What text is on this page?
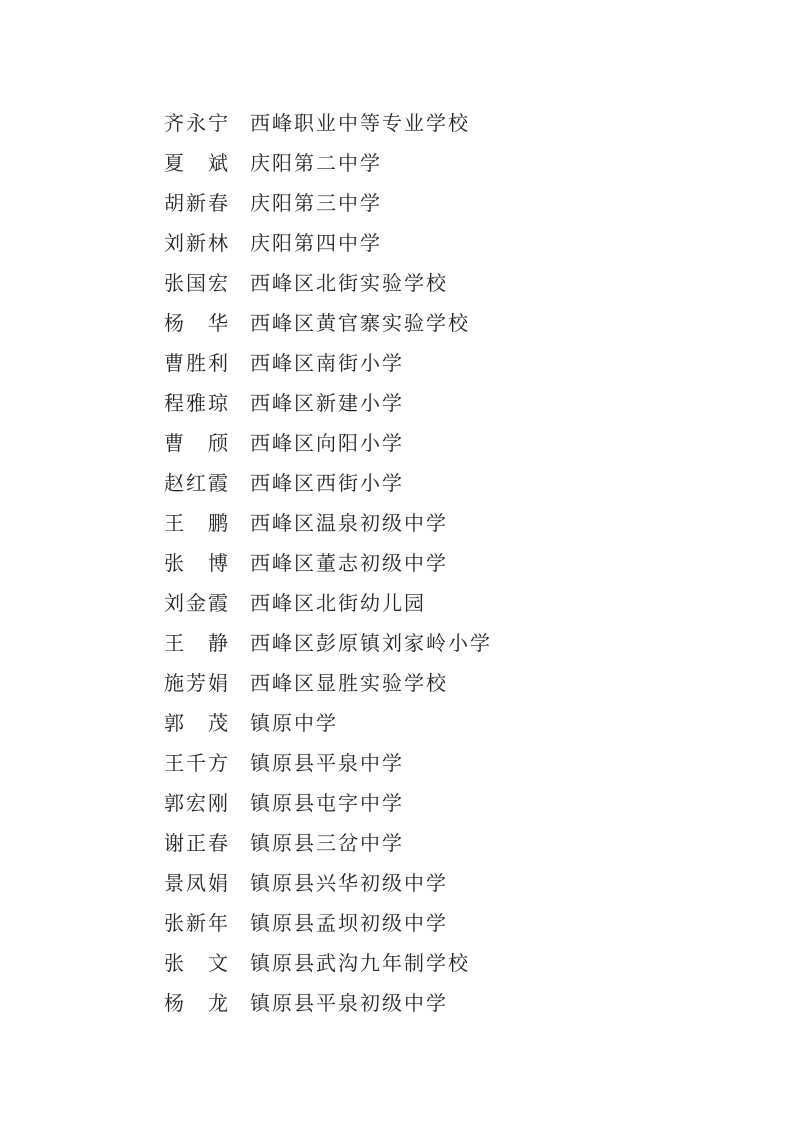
齐永宁 西峰职业中等专业学校
夏　斌 庆阳第二中学
胡新春 庆阳第三中学
刘新林 庆阳第四中学
张国宏 西峰区北街实验学校
杨　华 西峰区黄官寨实验学校
曹胜利 西峰区南街小学
程雅琼 西峰区新建小学
曹　颀 西峰区向阳小学
赵红霞 西峰区西街小学
王　鹏 西峰区温泉初级中学
张　博 西峰区董志初级中学
刘金霞 西峰区北街幼儿园
王　静 西峰区彭原镇刘家岭小学
施芳娟 西峰区显胜实验学校
郭　茂 镇原中学
王千方 镇原县平泉中学
郭宏刚 镇原县屯字中学
谢正春 镇原县三岔中学
景凤娟 镇原县兴华初级中学
张新年 镇原县孟坝初级中学
张　文 镇原县武沟九年制学校
杨　龙 镇原县平泉初级中学
